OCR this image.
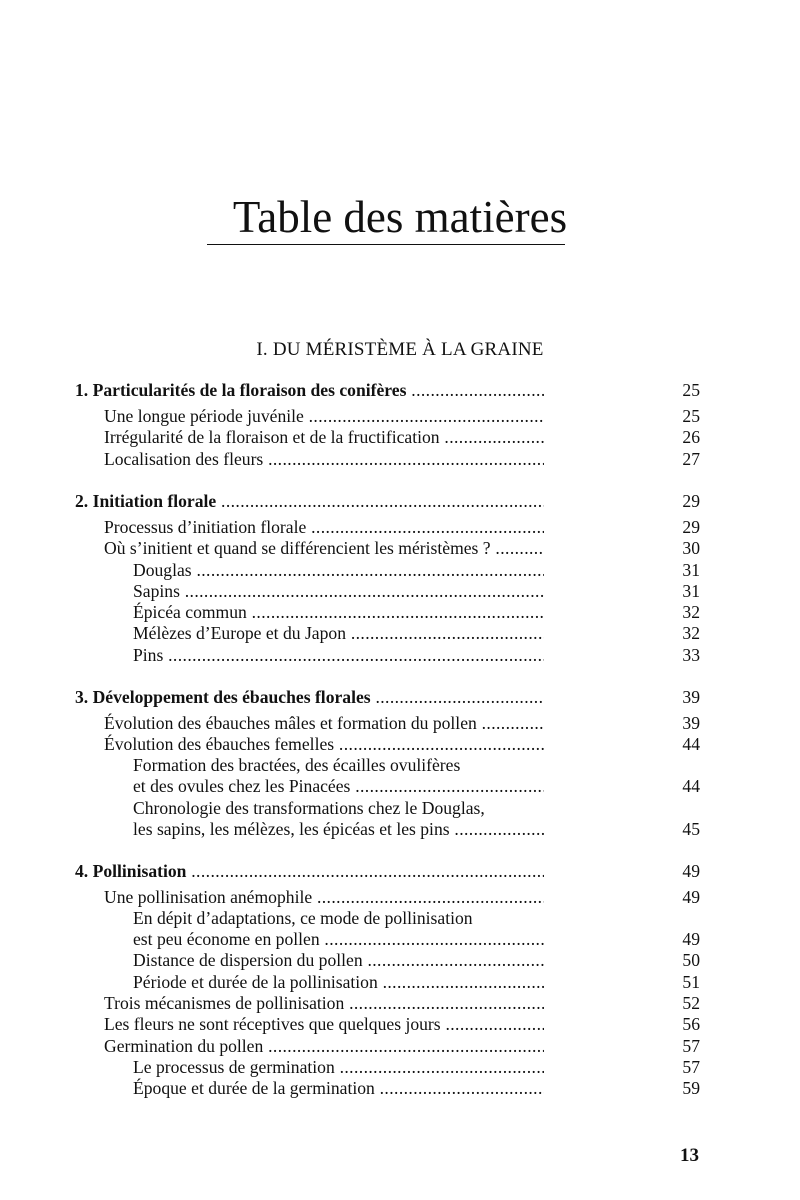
Table des matières
I. DU MÉRISTÈME À LA GRAINE
1. Particularités de la floraison des conifères .....	25
Une longue période juvénile .....	25
Irrégularité de la floraison et de la fructification .....	26
Localisation des fleurs .....	27
2. Initiation florale .....	29
Processus d’initiation florale .....	29
Où s’initient et quand se différencient les méristèmes ? .....	30
Douglas .....	31
Sapins .....	31
Épicéa commun .....	32
Mélèzes d’Europe et du Japon .....	32
Pins .....	33
3. Développement des ébauches florales .....	39
Évolution des ébauches mâles et formation du pollen .....	39
Évolution des ébauches femelles .....	44
Formation des bractées, des écailles ovulifères
et des ovules chez les Pinacées .....	44
Chronologie des transformations chez le Douglas,
les sapins, les mélèzes, les épicéas et les pins .....	45
4. Pollinisation .....	49
Une pollinisation anémophile .....	49
En dépit d’adaptations, ce mode de pollinisation
est peu économe en pollen .....	49
Distance de dispersion du pollen .....	50
Période et durée de la pollinisation .....	51
Trois mécanismes de pollinisation .....	52
Les fleurs ne sont réceptives que quelques jours .....	56
Germination du pollen .....	57
Le processus de germination .....	57
Époque et durée de la germination .....	59
13
